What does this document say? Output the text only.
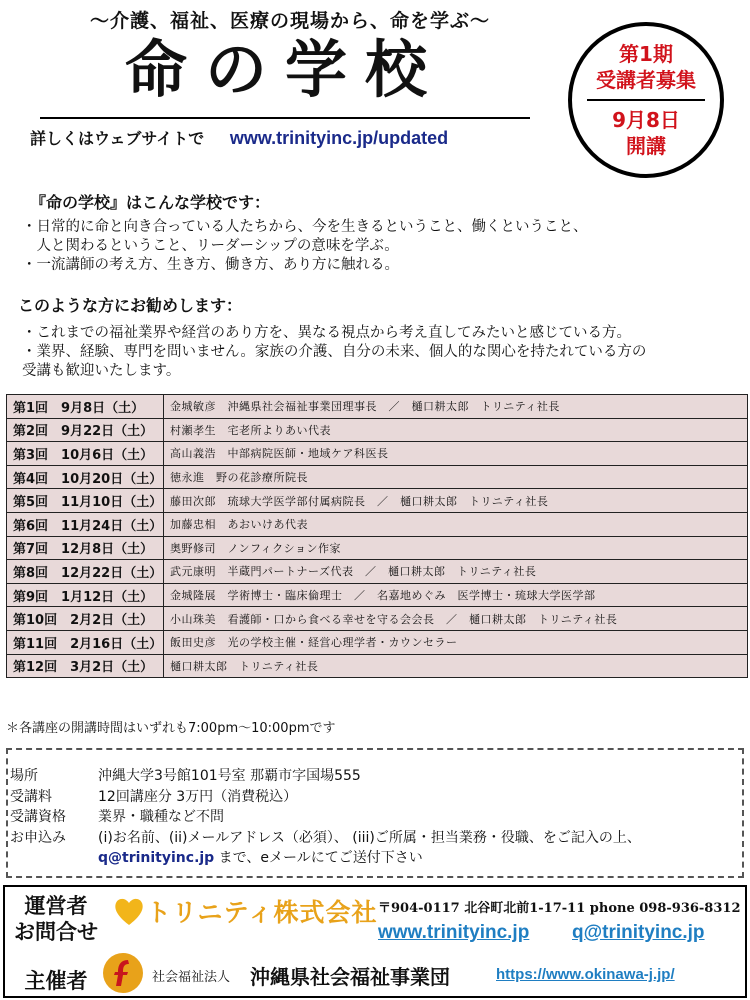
〜介護、福祉、医療の現場から、命を学ぶ〜
命の学校
詳しくはウェブサイトで www.trinityinc.jp/updated
第1期
受講者募集
9月8日
開講
『命の学校』はこんな学校です：
・日常的に命と向き合っている人たちから、今を生きるということ、働くということ、
　人と関わるということ、リーダーシップの意味を学ぶ。
・一流講師の考え方、生き方、働き方、あり方に触れる。
このような方にお勧めします：
・これまでの福祉業界や経営のあり方を、異なる視点から考え直してみたいと感じている方。
・業界、経験、専門を問いません。家族の介護、自分の未来、個人的な関心を持たれている方の
受講も歓迎いたします。
第1回　9月8日（土）	金城敏彦　沖縄県社会福祉事業団理事長　／　樋口耕太郎　トリニティ社長
第2回　9月22日（土）	村瀬孝生　宅老所よりあい代表
第3回　10月6日（土）	高山義浩　中部病院医師・地域ケア科医長
第4回　10月20日（土）	徳永進　野の花診療所院長
第5回　11月10日（土）	藤田次郎　琉球大学医学部付属病院長　／　樋口耕太郎　トリニティ社長
第6回　11月24日（土）	加藤忠相　あおいけあ代表
第7回　12月8日（土）	奥野修司　ノンフィクション作家
第8回　12月22日（土）	武元康明　半蔵門パートナーズ代表　／　樋口耕太郎　トリニティ社長
第9回　1月12日（土）	金城隆展　学術博士・臨床倫理士　／　名嘉地めぐみ　医学博士・琉球大学医学部
第10回　2月2日（土）	小山珠美　看護師・口から食べる幸せを守る会会長　／　樋口耕太郎　トリニティ社長
第11回　2月16日（土）	飯田史彦　光の学校主催・経営心理学者・カウンセラー
第12回　3月2日（土）	樋口耕太郎　トリニティ社長
＊各講座の開講時間はいずれも7:00pm〜10:00pmです
場所	沖縄大学3号館101号室 那覇市字国場555
受講料	12回講座分 3万円（消費税込）
受講資格	業界・職種など不問
お申込み	(i)お名前、(ii)メールアドレス（必須）、 (iii)ご所属・担当業務・役職、をご記入の上、
q@trinityinc.jp まで、eメールにてご送付下さい
運営者
お問合せ
トリニティ株式会社 〒904-0117 北谷町北前1-17-11 phone 098-936-8312
www.trinityinc.jp q@trinityinc.jp
主催者	社会福祉法人 沖縄県社会福祉事業団	https://www.okinawa-j.jp/
